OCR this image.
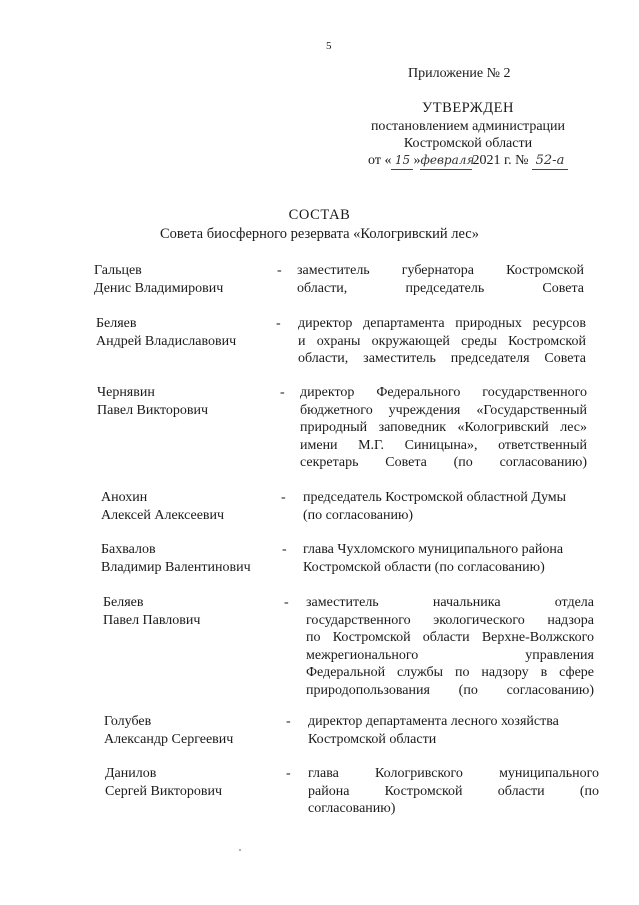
5
Приложение № 2
УТВЕРЖДЕН
постановлением администрации
Костромской области
от « 15 »февраля2021 г. № 52-а
СОСТАВ
Совета биосферного резервата «Кологривский лес»
Гальцев
Денис Владимирович
- заместитель губернатора Костромской
области, председатель Совета
Беляев
Андрей Владиславович
- директор департамента природных ресурсов
и охраны окружающей среды Костромской
области, заместитель председателя Совета
Чернявин
Павел Викторович
- директор Федерального государственного
бюджетного учреждения «Государственный
природный заповедник «Кологривский лес»
имени М.Г. Синицына», ответственный
секретарь Совета (по согласованию)
Анохин
Алексей Алексеевич
- председатель Костромской областной Думы
(по согласованию)
Бахвалов
Владимир Валентинович
- глава Чухломского муниципального района
Костромской области (по согласованию)
Беляев
Павел Павлович
- заместитель начальника отдела
государственного экологического надзора
по Костромской области Верхне-Волжского
межрегионального управления
Федеральной службы по надзору в сфере
природопользования (по согласованию)
Голубев
Александр Сергеевич
- директор департамента лесного хозяйства
Костромской области
Данилов
Сергей Викторович
- глава Кологривского муниципального
района Костромской области (по
согласованию)
